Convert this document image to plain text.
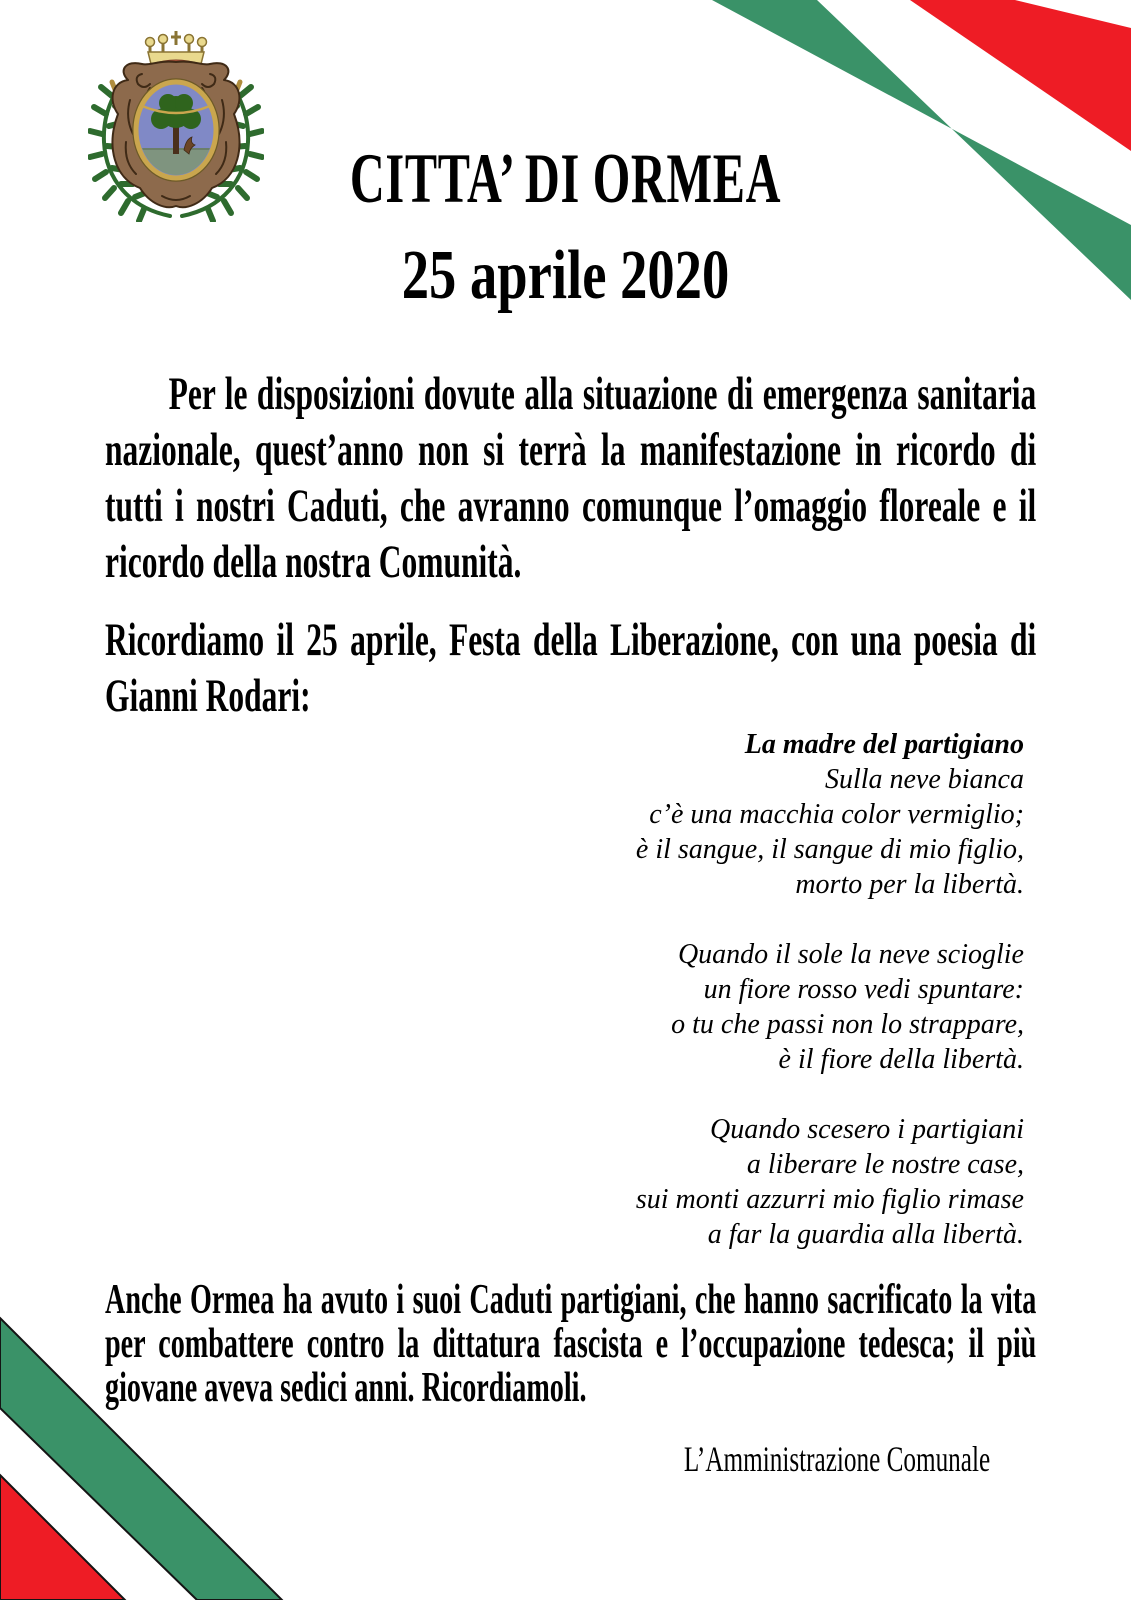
CITTA’ DI ORMEA
25 aprile 2020
Per le disposizioni dovute alla situazione di emergenza sanitaria nazionale, quest’anno non si terrà la manifestazione in ricordo di tutti i nostri Caduti, che avranno comunque l’omaggio floreale e il ricordo della nostra Comunità.
Ricordiamo il 25 aprile, Festa della Liberazione, con una poesia di Gianni Rodari:
La madre del partigiano
Sulla neve bianca
c’è una macchia color vermiglio;
è il sangue, il sangue di mio figlio,
morto per la libertà.
Quando il sole la neve scioglie
un fiore rosso vedi spuntare:
o tu che passi non lo strappare,
è il fiore della libertà.
Quando scesero i partigiani
a liberare le nostre case,
sui monti azzurri mio figlio rimase
a far la guardia alla libertà.
Anche Ormea ha avuto i suoi Caduti partigiani, che hanno sacrificato la vita per combattere contro la dittatura fascista e l’occupazione tedesca; il più giovane aveva sedici anni. Ricordiamoli.
L’Amministrazione Comunale
